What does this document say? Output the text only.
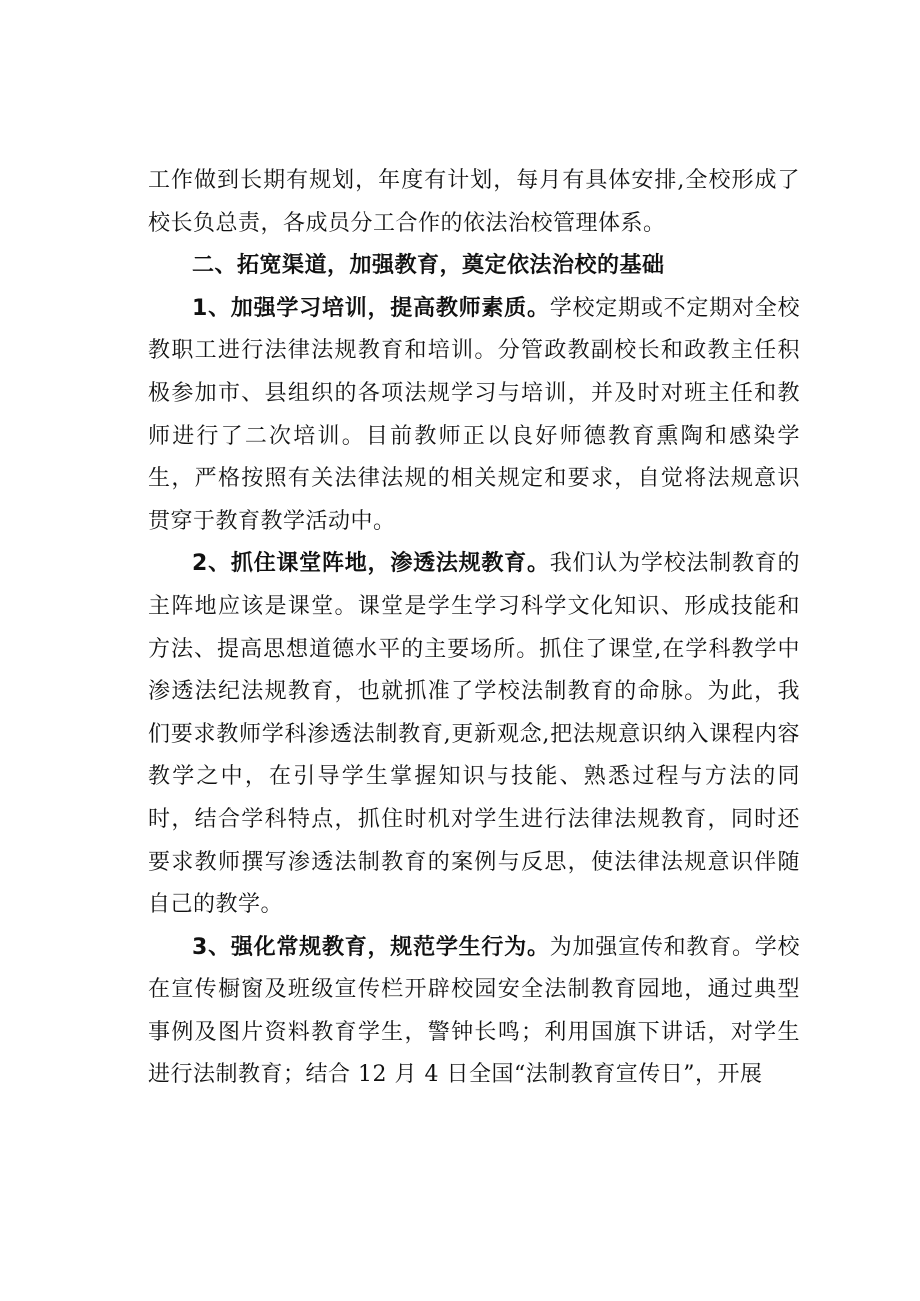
工作做到长期有规划，年度有计划，每月有具体安排,全校形成了校长负总责，各成员分工合作的依法治校管理体系。

二、拓宽渠道，加强教育，奠定依法治校的基础

1、加强学习培训，提高教师素质。学校定期或不定期对全校教职工进行法律法规教育和培训。分管政教副校长和政教主任积极参加市、县组织的各项法规学习与培训，并及时对班主任和教师进行了二次培训。目前教师正以良好师德教育熏陶和感染学生，严格按照有关法律法规的相关规定和要求，自觉将法规意识贯穿于教育教学活动中。

2、抓住课堂阵地，渗透法规教育。我们认为学校法制教育的主阵地应该是课堂。课堂是学生学习科学文化知识、形成技能和方法、提高思想道德水平的主要场所。抓住了课堂,在学科教学中渗透法纪法规教育，也就抓准了学校法制教育的命脉。为此，我们要求教师学科渗透法制教育,更新观念,把法规意识纳入课程内容教学之中，在引导学生掌握知识与技能、熟悉过程与方法的同时，结合学科特点，抓住时机对学生进行法律法规教育，同时还要求教师撰写渗透法制教育的案例与反思，使法律法规意识伴随自己的教学。

3、强化常规教育，规范学生行为。为加强宣传和教育。学校在宣传橱窗及班级宣传栏开辟校园安全法制教育园地，通过典型事例及图片资料教育学生，警钟长鸣；利用国旗下讲话，对学生进行法制教育；结合 12 月 4 日全国“法制教育宣传日”，开展
